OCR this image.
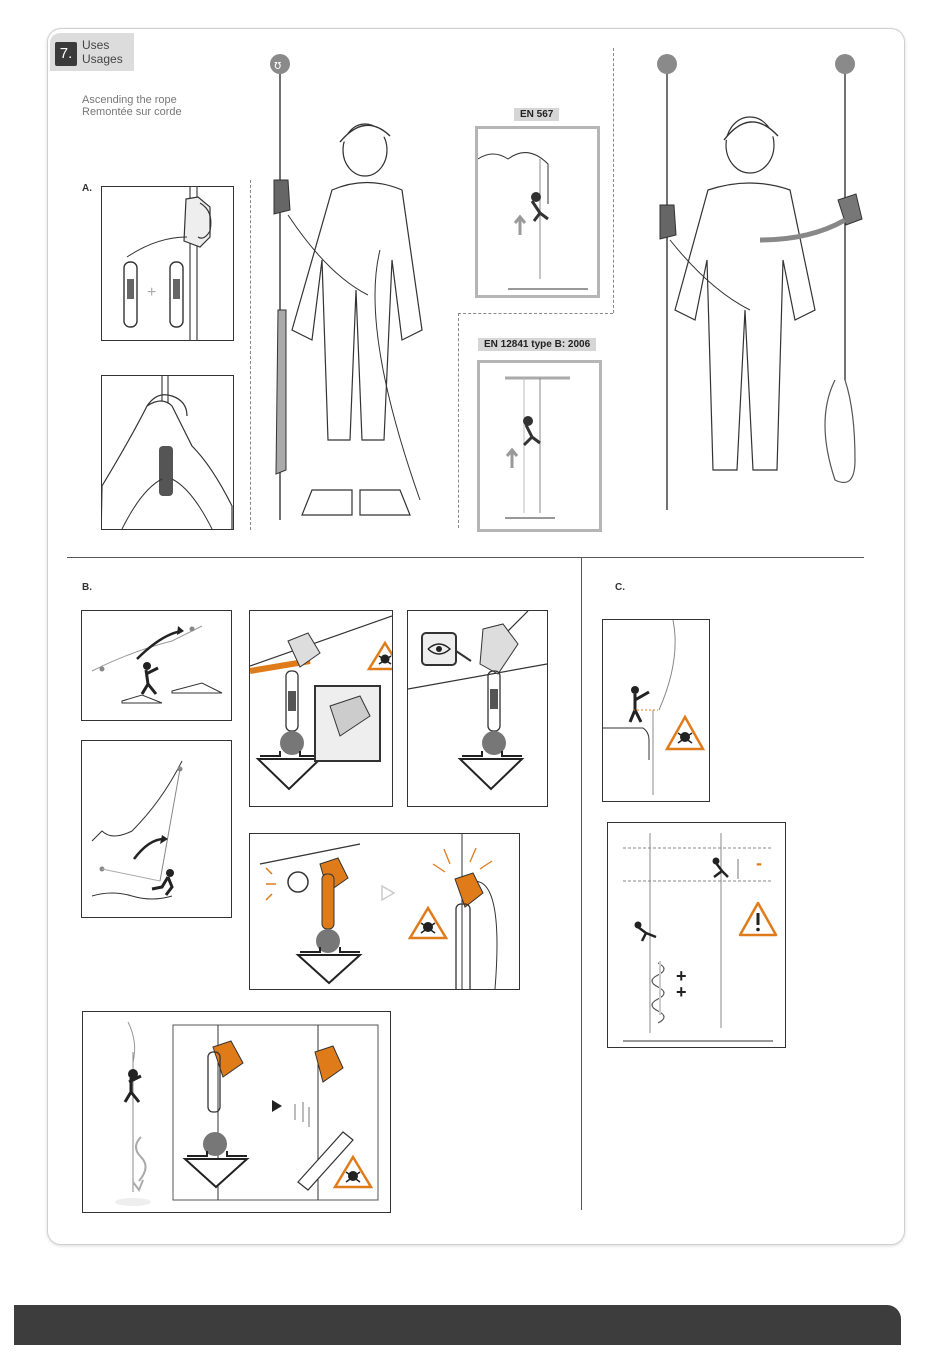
7. Uses
Usages
Ascending the rope
Remontée sur corde
A.
+
ʊ
EN 567
EN 12841 type B: 2006
B.	C.
-
+
+
